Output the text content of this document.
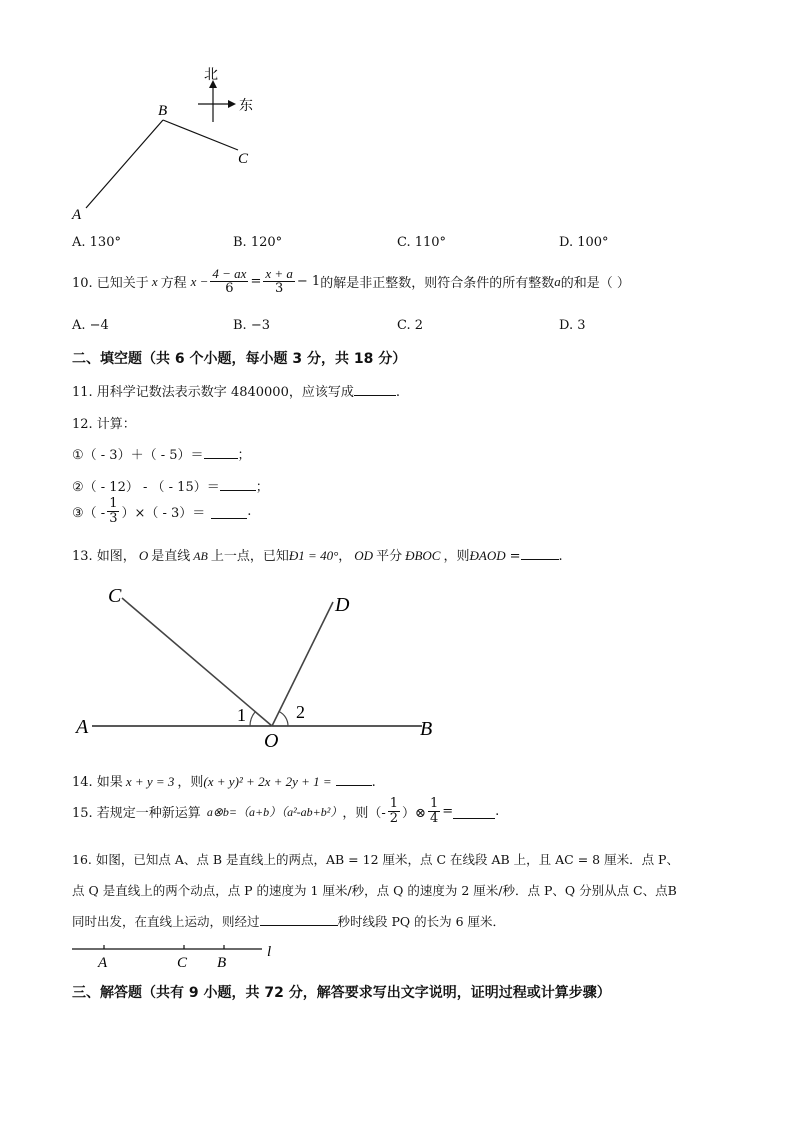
北
东
A
B
C
A. 130°	B. 120°	C. 110°	D. 100°
10. 已知关于 x 方程 $x - \frac{4 - ax}{6} = \frac{x + a}{3} - 1$ 的解是非正整数，则符合条件的所有整数 a 的和是（ ）
A. −4	B. −3	C. 2	D. 3
二、填空题（共 6 个小题，每小题 3 分，共 18 分）
11. 用科学记数法表示数字 4840000，应该写成	.
12. 计算：
①（ - 3）＋（ - 5）＝	；
②（ - 12） - （ - 15）＝	；
③（ - $\frac{1}{3}$ ）×（ - 3）＝	.
13. 如图， O 是直线 AB 上一点，已知Ð1 = 40°， OD 平分 ÐBOC ，则ÐAOD =	.
A	B
C	D
O
1	2
14. 如果 x + y = 3 ，则(x + y)² + 2x + 2y + 1 =	.
15. 若规定一种新运算 a⊗b=（a+b）（a²-ab+b²） ，则（- $\frac{1}{2}$ ）⊗ $\frac{1}{4}$ =	.
16. 如图，已知点 A、点 B 是直线上的两点，AB = 12 厘米，点 C 在线段 AB 上，且 AC = 8 厘米．点 P、
点 Q 是直线上的两个动点，点 P 的速度为 1 厘米/秒，点 Q 的速度为 2 厘米/秒．点 P、Q 分别从点 C、点B
同时出发，在直线上运动，则经过	秒时线段 PQ 的长为 6 厘米．
A	C B
l
三、解答题（共有 9 小题，共 72 分，解答要求写出文字说明，证明过程或计算步骤）
